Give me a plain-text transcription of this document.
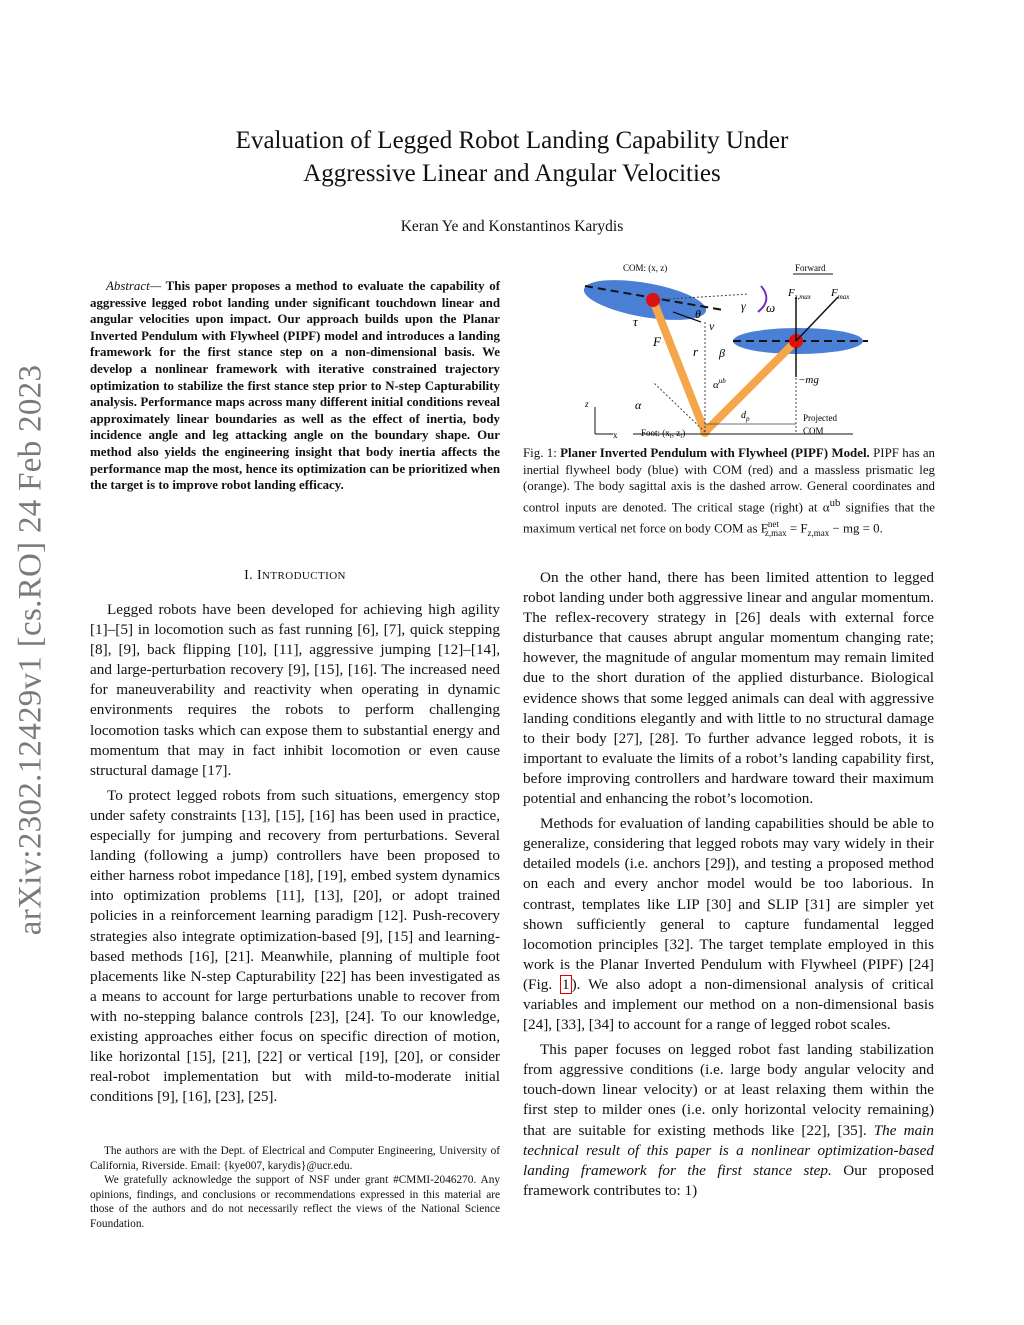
arXiv:2302.12429v1 [cs.RO] 24 Feb 2023
Evaluation of Legged Robot Landing Capability Under
Aggressive Linear and Angular Velocities
Keran Ye and Konstantinos Karydis
Abstract— This paper proposes a method to evaluate the capability of aggressive legged robot landing under significant touchdown linear and angular velocities upon impact. Our approach builds upon the Planar Inverted Pendulum with Flywheel (PIPF) model and introduces a landing framework for the first stance step on a non-dimensional basis. We develop a nonlinear framework with iterative constrained trajectory optimization to stabilize the first stance step prior to N-step Capturability analysis. Performance maps across many different initial conditions reveal approximately linear boundaries as well as the effect of inertia, body incidence angle and leg attacking angle on the boundary shape. Our method also yields the engineering insight that body inertia affects the performance map the most, hence its optimization can be prioritized when the target is to improve robot landing efficacy.
I. INTRODUCTION

Legged robots have been developed for achieving high agility [1]–[5] in locomotion such as fast running [6], [7], quick stepping [8], [9], back flipping [10], [11], aggressive jumping [12]–[14], and large-perturbation recovery [9], [15], [16]. The increased need for maneuverability and reactivity when operating in dynamic environments requires the robots to perform challenging locomotion tasks which can expose them to substantial energy and momentum that may in fact inhibit locomotion or even cause structural damage [17].

To protect legged robots from such situations, emergency stop under safety constraints [13], [15], [16] has been used in practice, especially for jumping and recovery from perturbations. Several landing (following a jump) controllers have been proposed to either harness robot impedance [18], [19], embed system dynamics into optimization problems [11], [13], [20], or adopt trained policies in a reinforcement learning paradigm [12]. Push-recovery strategies also integrate optimization-based [9], [15] and learning-based methods [16], [21]. Meanwhile, planning of multiple foot placements like N-step Capturability [22] has been investigated as a means to account for large perturbations unable to recover from with no-stepping balance controls [23], [24]. To our knowledge, existing approaches either focus on specific direction of motion, like horizontal [15], [21], [22] or vertical [19], [20], or consider real-robot implementation but with mild-to-moderate initial conditions [9], [16], [23], [25].

The authors are with the Dept. of Electrical and Computer Engineering, University of California, Riverside. Email: {kye007, karydis}@ucr.edu.

We gratefully acknowledge the support of NSF under grant #CMMI-2046270. Any opinions, findings, and conclusions or recommendations expressed in this material are those of the authors and do not necessarily reflect the views of the National Science Foundation.

COM: (x, z)	Forward
$F_{z,max}$ $F_{max}$
γ ω
τ	θ
v
F
r β
−mg
$\alpha^{ub}$
α
$d_p$
z
x	Foot: ($x_f$, $z_f$)
Projected
COM
Fig. 1: Planer Inverted Pendulum with Flywheel (PIPF) Model. PIPF has an inertial flywheel body (blue) with COM (red) and a massless prismatic leg (orange). The body sagittal axis is the dashed arrow. General coordinates and control inputs are denoted. The critical stage (right) at $\alpha^{ub}$ signifies that the maximum vertical net force on body COM as $F^{net}_{z,max} = F_{z,max}$ − mg = 0.

On the other hand, there has been limited attention to legged robot landing under both aggressive linear and angular momentum. The reflex-recovery strategy in [26] deals with external force disturbance that causes abrupt angular momentum changing rate; however, the magnitude of angular momentum may remain limited due to the short duration of the applied disturbance. Biological evidence shows that some legged animals can deal with aggressive landing conditions elegantly and with little to no structural damage to their body [27], [28]. To further advance legged robots, it is important to evaluate the limits of a robot’s landing capability first, before improving controllers and hardware toward their maximum potential and enhancing the robot’s locomotion.

Methods for evaluation of landing capabilities should be able to generalize, considering that legged robots may vary widely in their detailed models (i.e. anchors [29]), and testing a proposed method on each and every anchor model would be too laborious. In contrast, templates like LIP [30] and SLIP [31] are simpler yet shown sufficiently general to capture fundamental legged locomotion principles [32]. The target template employed in this work is the Planar Inverted Pendulum with Flywheel (PIPF) [24] (Fig. 1 ). We also adopt a non-dimensional analysis of critical variables and implement our method on a non-dimensional basis [24], [33], [34] to account for a range of legged robot scales.

This paper focuses on legged robot fast landing stabilization from aggressive conditions (i.e. large body angular velocity and touch-down linear velocity) or at least relaxing them within the first step to milder ones (i.e. only horizontal velocity remaining) that are suitable for existing methods like [22], [35]. The main technical result of this paper is a nonlinear optimization-based landing framework for the first stance step. Our proposed framework contributes to: 1)
